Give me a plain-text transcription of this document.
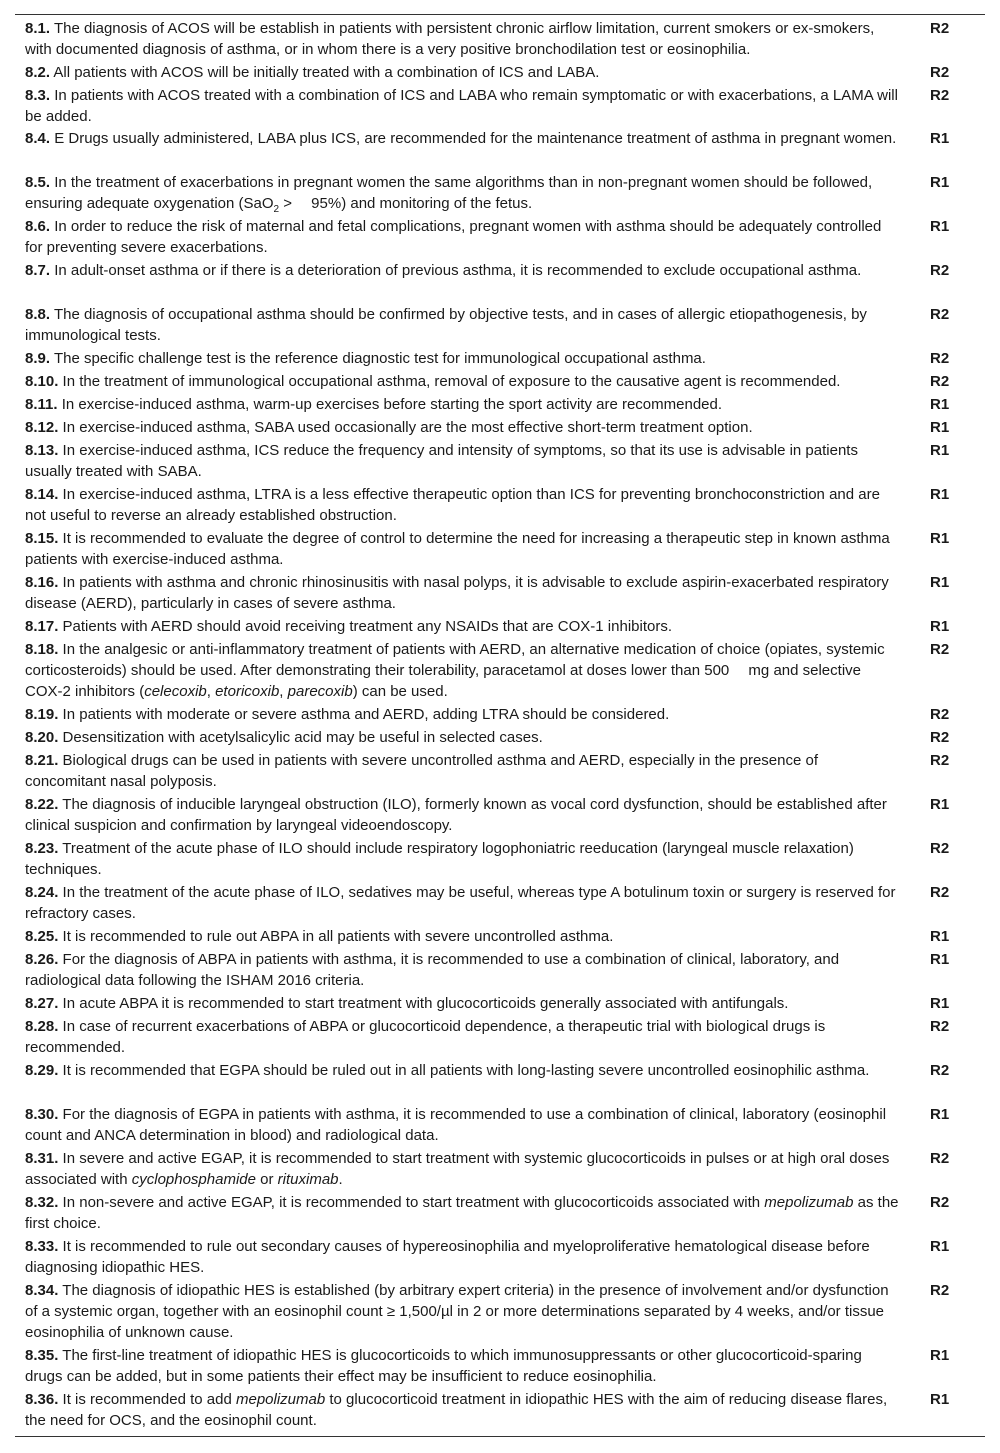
8.1. The diagnosis of ACOS will be establish in patients with persistent chronic airflow limitation, current smokers or ex-smokers, with documented diagnosis of asthma, or in whom there is a very positive bronchodilation test or eosinophilia.
R2
8.2. All patients with ACOS will be initially treated with a combination of ICS and LABA.	R2
8.3. In patients with ACOS treated with a combination of ICS and LABA who remain symptomatic or with exacerbations, a LAMA will be added.
R2
8.4. E Drugs usually administered, LABA plus ICS, are recommended for the maintenance treatment of asthma in pregnant women. R1
8.5. In the treatment of exacerbations in pregnant women the same algorithms than in non-pregnant women should be followed, ensuring adequate oxygenation (SaO$_2$ >  95%) and monitoring of the fetus.
R1
8.6. In order to reduce the risk of maternal and fetal complications, pregnant women with asthma should be adequately controlled for preventing severe exacerbations.
R1
8.7. In adult-onset asthma or if there is a deterioration of previous asthma, it is recommended to exclude occupational asthma.	R2
8.8. The diagnosis of occupational asthma should be confirmed by objective tests, and in cases of allergic etiopathogenesis, by immunological tests.
R2
8.9. The specific challenge test is the reference diagnostic test for immunological occupational asthma.	R2
8.10. In the treatment of immunological occupational asthma, removal of exposure to the causative agent is recommended.	R2
8.11. In exercise-induced asthma, warm-up exercises before starting the sport activity are recommended.	R1
8.12. In exercise-induced asthma, SABA used occasionally are the most effective short-term treatment option.	R1
8.13. In exercise-induced asthma, ICS reduce the frequency and intensity of symptoms, so that its use is advisable in patients usually treated with SABA.
R1
8.14. In exercise-induced asthma, LTRA is a less effective therapeutic option than ICS for preventing bronchoconstriction and are not useful to reverse an already established obstruction.
R1
8.15. It is recommended to evaluate the degree of control to determine the need for increasing a therapeutic step in known asthma patients with exercise-induced asthma.
R1
8.16. In patients with asthma and chronic rhinosinusitis with nasal polyps, it is advisable to exclude aspirin-exacerbated respiratory disease (AERD), particularly in cases of severe asthma.
R1
8.17. Patients with AERD should avoid receiving treatment any NSAIDs that are COX-1 inhibitors.	R1
8.18. In the analgesic or anti-inflammatory treatment of patients with AERD, an alternative medication of choice (opiates, systemic corticosteroids) should be used. After demonstrating their tolerability, paracetamol at doses lower than 500  mg and selective COX-2 inhibitors (celecoxib, etoricoxib, parecoxib) can be used.
R2
8.19. In patients with moderate or severe asthma and AERD, adding LTRA should be considered.	R2
8.20. Desensitization with acetylsalicylic acid may be useful in selected cases.	R2
8.21. Biological drugs can be used in patients with severe uncontrolled asthma and AERD, especially in the presence of concomitant nasal polyposis.
R2
8.22. The diagnosis of inducible laryngeal obstruction (ILO), formerly known as vocal cord dysfunction, should be established after clinical suspicion and confirmation by laryngeal videoendoscopy.
R1
8.23. Treatment of the acute phase of ILO should include respiratory logophoniatric reeducation (laryngeal muscle relaxation) techniques.
R2
8.24. In the treatment of the acute phase of ILO, sedatives may be useful, whereas type A botulinum toxin or surgery is reserved for refractory cases.
R2
8.25. It is recommended to rule out ABPA in all patients with severe uncontrolled asthma.	R1
8.26. For the diagnosis of ABPA in patients with asthma, it is recommended to use a combination of clinical, laboratory, and radiological data following the ISHAM 2016 criteria.
R1
8.27. In acute ABPA it is recommended to start treatment with glucocorticoids generally associated with antifungals.	R1
8.28. In case of recurrent exacerbations of ABPA or glucocorticoid dependence, a therapeutic trial with biological drugs is recommended.
R2
8.29. It is recommended that EGPA should be ruled out in all patients with long-lasting severe uncontrolled eosinophilic asthma.	R2
8.30. For the diagnosis of EGPA in patients with asthma, it is recommended to use a combination of clinical, laboratory (eosinophil count and ANCA determination in blood) and radiological data.
R1
8.31. In severe and active EGAP, it is recommended to start treatment with systemic glucocorticoids in pulses or at high oral doses associated with cyclophosphamide or rituximab.
R2
8.32. In non-severe and active EGAP, it is recommended to start treatment with glucocorticoids associated with mepolizumab as the first choice.
R2
8.33. It is recommended to rule out secondary causes of hypereosinophilia and myeloproliferative hematological disease before diagnosing idiopathic HES.
R1
8.34. The diagnosis of idiopathic HES is established (by arbitrary expert criteria) in the presence of involvement and/or dysfunction of a systemic organ, together with an eosinophil count ≥ 1,500/µl in 2 or more determinations separated by 4 weeks, and/or tissue eosinophilia of unknown cause.
R2
8.35. The first-line treatment of idiopathic HES is glucocorticoids to which immunosuppressants or other glucocorticoid-sparing drugs can be added, but in some patients their effect may be insufficient to reduce eosinophilia.
R1
8.36. It is recommended to add mepolizumab to glucocorticoid treatment in idiopathic HES with the aim of reducing disease flares, the need for OCS, and the eosinophil count.
R1
